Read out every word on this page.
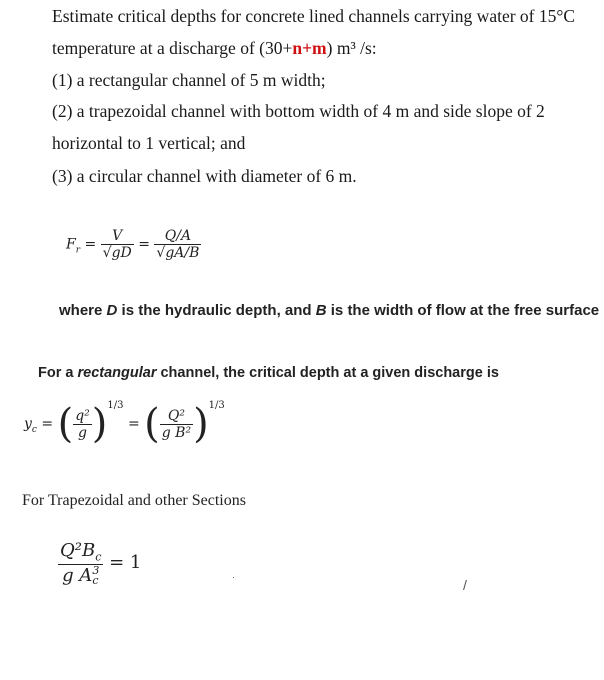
Estimate critical depths for concrete lined channels carrying water of 15°C
temperature at a discharge of (30+n+m) m³ /s:
(1) a rectangular channel of 5 m width;
(2) a trapezoidal channel with bottom width of 4 m and side slope of 2
horizontal to 1 vertical; and
(3) a circular channel with diameter of 6 m.
$F_r = \frac{V}{√gD} = \frac{Q/A}{√gA/B}$
where D is the hydraulic depth, and B is the width of flow at the free surface
For a rectangular channel, the critical depth at a given discharge is
$y_c$ = ( $\frac{\text{q²}}{g} )^{1/3}$ = ( $\frac{\text{Q²}}{\text{g B²}} )^{1/3}$
For Trapezoidal and other Sections
$Q^2B_c$
g A 3
c = 1
/
·
